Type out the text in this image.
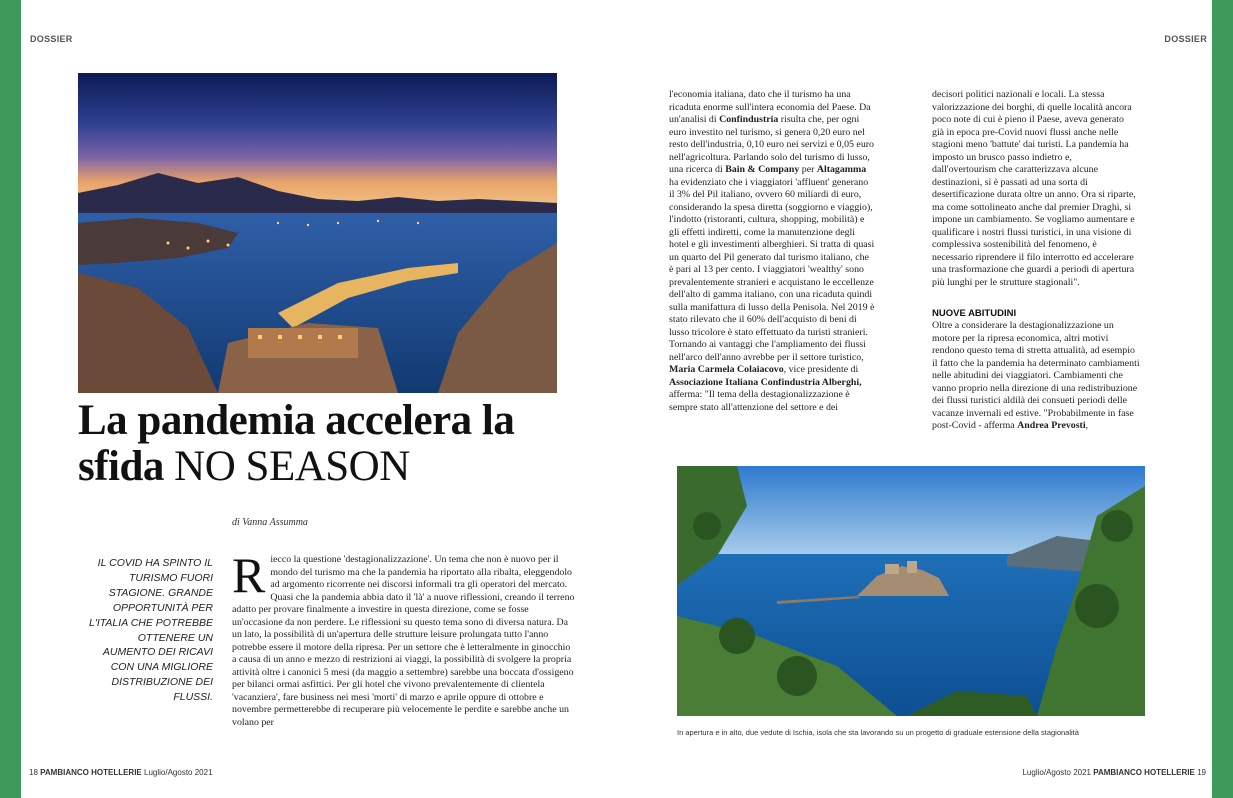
DOSSIER
La pandemia accelera la sfida NO SEASON
di Vanna Assumma
IL COVID HA SPINTO IL TURISMO FUORI STAGIONE. GRANDE OPPORTUNITÀ PER L'ITALIA CHE POTREBBE OTTENERE UN AUMENTO DEI RICAVI CON UNA MIGLIORE DISTRIBUZIONE DEI FLUSSI.
R iecco la questione 'destagionalizzazione'. Un tema che non è nuovo per il mondo del turismo ma che la pandemia ha riportato alla ribalta, eleggendolo ad argomento ricorrente nei discorsi informali tra gli operatori del mercato. Quasi che la pandemia abbia dato il 'là' a nuove riflessioni, creando il terreno adatto per provare finalmente a investire in questa direzione, come se fosse un'occasione da non perdere. Le riflessioni su questo tema sono di diversa natura. Da un lato, la possibilità di un'apertura delle strutture leisure prolungata tutto l'anno potrebbe essere il motore della ripresa. Per un settore che è letteralmente in ginocchio a causa di un anno e mezzo di restrizioni ai viaggi, la possibilità di svolgere la propria attività oltre i canonici 5 mesi (da maggio a settembre) sarebbe una boccata d'ossigeno per bilanci ormai asfittici. Per gli hotel che vivono prevalentemente di clientela 'vacanziera', fare business nei mesi 'morti' di marzo e aprile oppure di ottobre e novembre permetterebbe di recuperare più velocemente le perdite e sarebbe anche un volano per
18 PAMBIANCO HOTELLERIE Luglio/Agosto 2021
DOSSIER

l'economia italiana, dato che il turismo ha una ricaduta enorme sull'intera economia del Paese. Da un'analisi di Confindustria risulta che, per ogni euro investito nel turismo, si genera 0,20 euro nel resto dell'industria, 0,10 euro nei servizi e 0,05 euro nell'agricoltura. Parlando solo del turismo di lusso, una ricerca di Bain & Company per Altagamma ha evidenziato che i viaggiatori 'affluent' generano il 3% del Pil italiano, ovvero 60 miliardi di euro, considerando la spesa diretta (soggiorno e viaggio), l'indotto (ristoranti, cultura, shopping, mobilità) e gli effetti indiretti, come la manutenzione degli hotel e gli investimenti alberghieri. Si tratta di quasi un quarto del Pil generato dal turismo italiano, che è pari al 13 per cento. I viaggiatori 'wealthy' sono prevalentemente stranieri e acquistano le eccellenze dell'alto di gamma italiano, con una ricaduta quindi sulla manifattura di lusso della Penisola. Nel 2019 è stato rilevato che il 60% dell'acquisto di beni di lusso tricolore è stato effettuato da turisti stranieri. Tornando ai vantaggi che l'ampliamento dei flussi nell'arco dell'anno avrebbe per il settore turistico, Maria Carmela Colaiacovo, vice presidente di Associazione Italiana Confindustria Alberghi, afferma: "Il tema della destagionalizzazione è sempre stato all'attenzione del settore e dei

decisori politici nazionali e locali. La stessa valorizzazione dei borghi, di quelle località ancora poco note di cui è pieno il Paese, aveva generato già in epoca pre-Covid nuovi flussi anche nelle stagioni meno 'battute' dai turisti. La pandemia ha imposto un brusco passo indietro e, dall'overtourism che caratterizzava alcune destinazioni, si è passati ad una sorta di desertificazione durata oltre un anno. Ora si riparte, ma come sottolineato anche dal premier Draghi, si impone un cambiamento. Se vogliamo aumentare e qualificare i nostri flussi turistici, in una visione di complessiva sostenibilità del fenomeno, è necessario riprendere il filo interrotto ed accelerare una trasformazione che guardi a periodi di apertura più lunghi per le strutture stagionali".

NUOVE ABITUDINI

Oltre a considerare la destagionalizzazione un motore per la ripresa economica, altri motivi rendono questo tema di stretta attualità, ad esempio il fatto che la pandemia ha determinato cambiamenti nelle abitudini dei viaggiatori. Cambiamenti che vanno proprio nella direzione di una redistribuzione dei flussi turistici aldilà dei consueti periodi delle vacanze invernali ed estive. "Probabilmente in fase post-Covid - afferma Andrea Prevosti,

In apertura e in alto, due vedute di Ischia, isola che sta lavorando su un progetto di graduale estensione della stagionalità
Luglio/Agosto 2021 PAMBIANCO HOTELLERIE 19
